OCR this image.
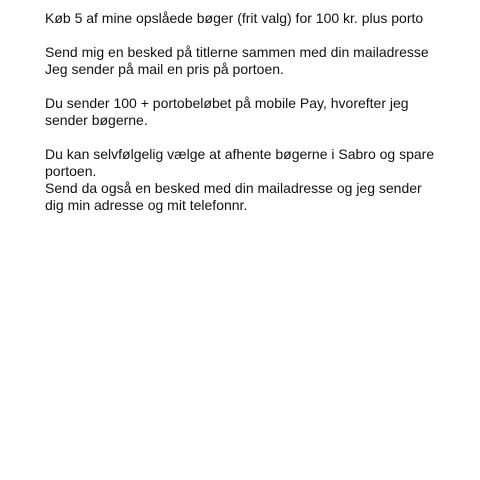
Køb 5 af mine opslåede bøger (frit valg) for 100 kr. plus porto

Send mig en besked på titlerne sammen med din mailadresse
Jeg sender på mail en pris på portoen.

Du sender 100 + portobeløbet på mobile Pay, hvorefter jeg
sender bøgerne.

Du kan selvfølgelig vælge at afhente bøgerne i Sabro og spare
portoen.
Send da også en besked med din mailadresse og jeg sender
dig min adresse og mit telefonnr.
